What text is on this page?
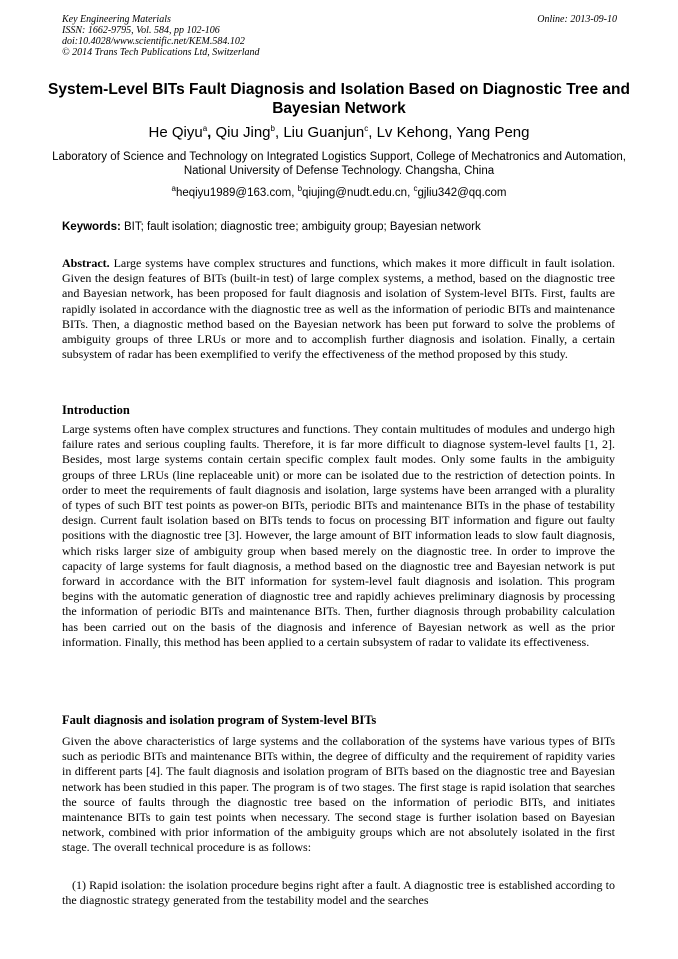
Key Engineering Materials
ISSN: 1662-9795, Vol. 584, pp 102-106
doi:10.4028/www.scientific.net/KEM.584.102
© 2014 Trans Tech Publications Ltd, Switzerland
Online: 2013-09-10
System-Level BITs Fault Diagnosis and Isolation Based on Diagnostic Tree and Bayesian Network
He Qiyu$^a$, Qiu Jing$^b$, Liu Guanjun$^c$, Lv Kehong, Yang Peng
Laboratory of Science and Technology on Integrated Logistics Support, College of Mechatronics and Automation, National University of Defense Technology. Changsha, China
$^a$heqiyu1989@163.com, $^b$qiujing@nudt.edu.cn, $^c$gjliu342@qq.com
Keywords: BIT; fault isolation; diagnostic tree; ambiguity group; Bayesian network
Abstract. Large systems have complex structures and functions, which makes it more difficult in fault isolation. Given the design features of BITs (built-in test) of large complex systems, a method, based on the diagnostic tree and Bayesian network, has been proposed for fault diagnosis and isolation of System-level BITs. First, faults are rapidly isolated in accordance with the diagnostic tree as well as the information of periodic BITs and maintenance BITs. Then, a diagnostic method based on the Bayesian network has been put forward to solve the problems of ambiguity groups of three LRUs or more and to accomplish further diagnosis and isolation. Finally, a certain subsystem of radar has been exemplified to verify the effectiveness of the method proposed by this study.
Introduction
Large systems often have complex structures and functions. They contain multitudes of modules and undergo high failure rates and serious coupling faults. Therefore, it is far more difficult to diagnose system-level faults [1, 2]. Besides, most large systems contain certain specific complex fault modes. Only some faults in the ambiguity groups of three LRUs (line replaceable unit) or more can be isolated due to the restriction of detection points. In order to meet the requirements of fault diagnosis and isolation, large systems have been arranged with a plurality of types of such BIT test points as power-on BITs, periodic BITs and maintenance BITs in the phase of testability design. Current fault isolation based on BITs tends to focus on processing BIT information and figure out faulty positions with the diagnostic tree [3]. However, the large amount of BIT information leads to slow fault diagnosis, which risks larger size of ambiguity group when based merely on the diagnostic tree. In order to improve the capacity of large systems for fault diagnosis, a method based on the diagnostic tree and Bayesian network is put forward in accordance with the BIT information for system-level fault diagnosis and isolation. This program begins with the automatic generation of diagnostic tree and rapidly achieves preliminary diagnosis by processing the information of periodic BITs and maintenance BITs. Then, further diagnosis through probability calculation has been carried out on the basis of the diagnosis and inference of Bayesian network as well as the prior information. Finally, this method has been applied to a certain subsystem of radar to validate its effectiveness.
Fault diagnosis and isolation program of System-level BITs
Given the above characteristics of large systems and the collaboration of the systems have various types of BITs such as periodic BITs and maintenance BITs within, the degree of difficulty and the requirement of rapidity varies in different parts [4]. The fault diagnosis and isolation program of BITs based on the diagnostic tree and Bayesian network has been studied in this paper. The program is of two stages. The first stage is rapid isolation that searches the source of faults through the diagnostic tree based on the information of periodic BITs, and initiates maintenance BITs to gain test points when necessary. The second stage is further isolation based on Bayesian network, combined with prior information of the ambiguity groups which are not absolutely isolated in the first stage. The overall technical procedure is as follows:
(1) Rapid isolation: the isolation procedure begins right after a fault. A diagnostic tree is established according to the diagnostic strategy generated from the testability model and the searches
